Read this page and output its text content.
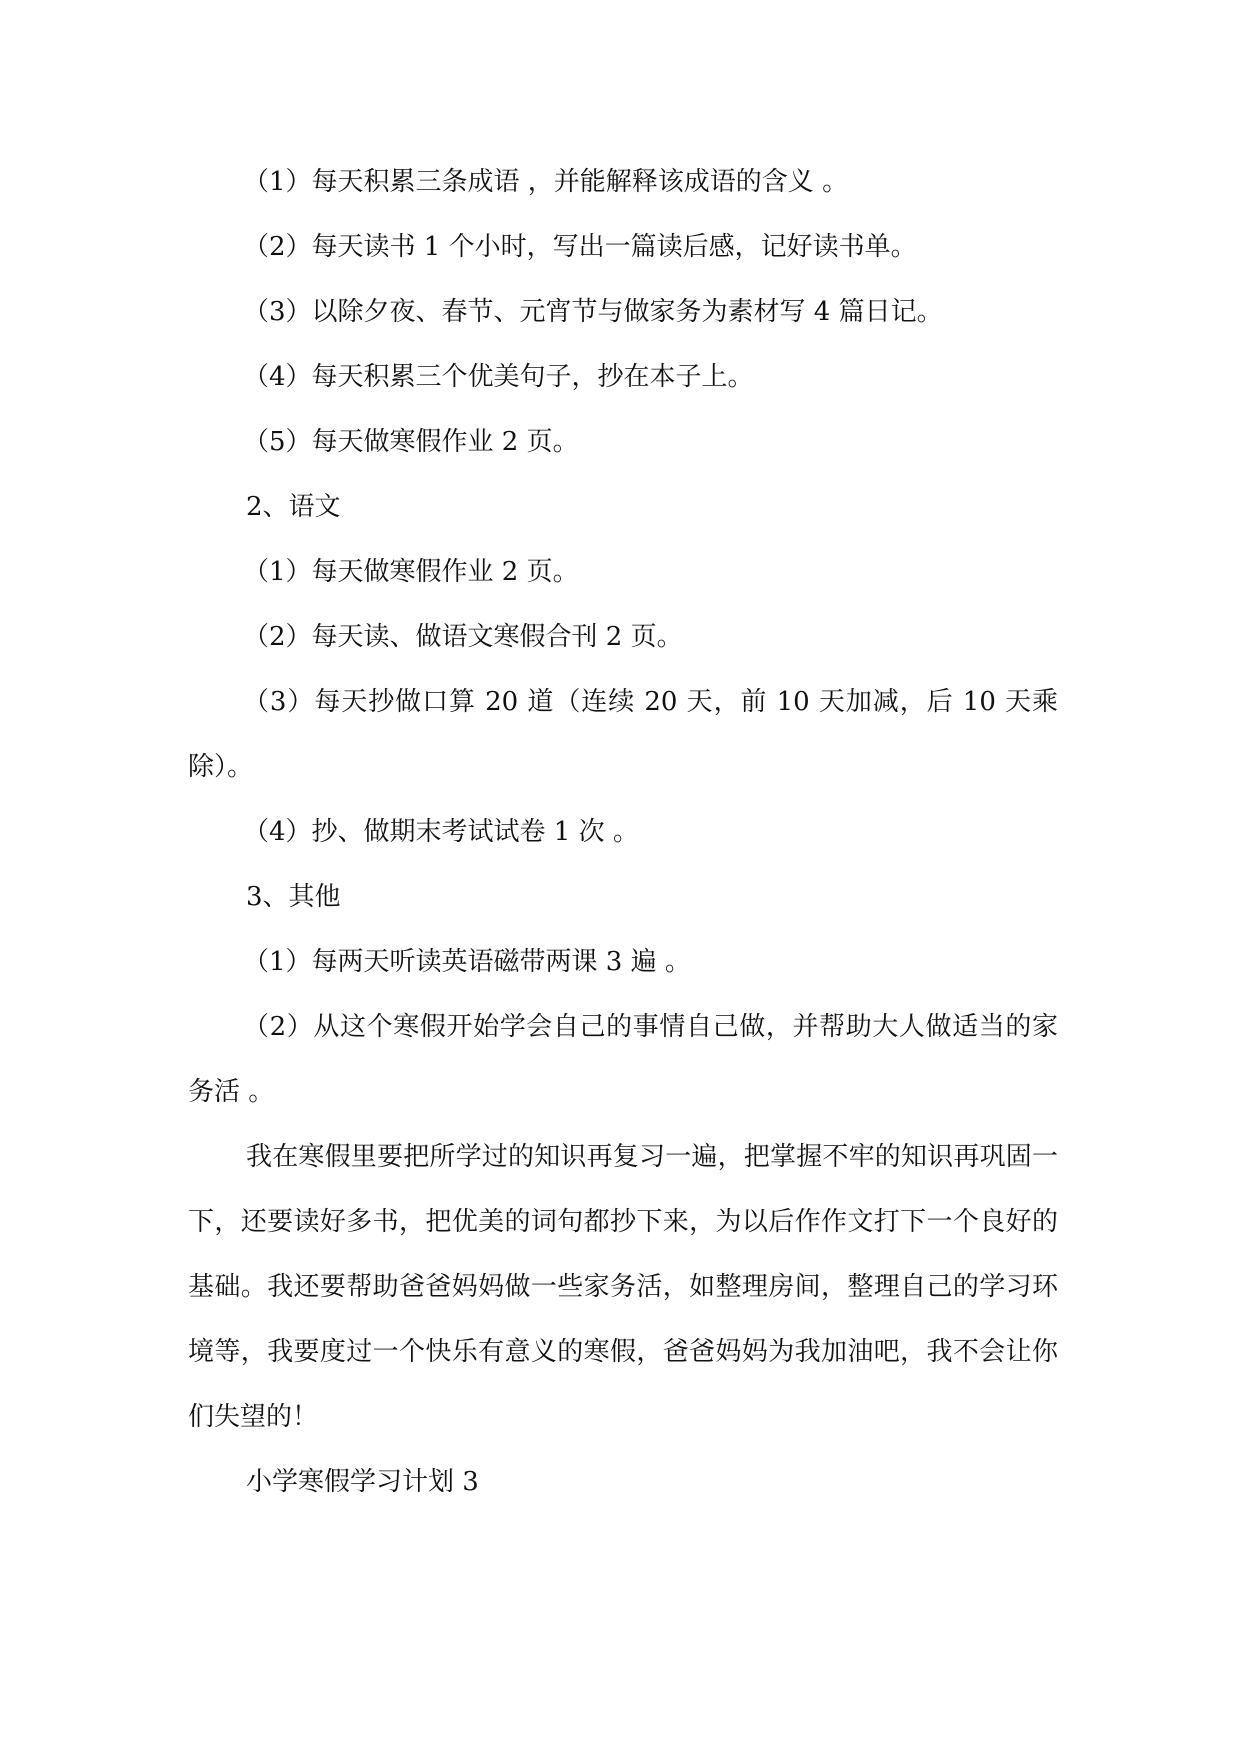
（1）每天积累三条成语 ，并能解释该成语的含义 。
（2）每天读书 1 个小时，写出一篇读后感，记好读书单。
（3）以除夕夜、春节、元宵节与做家务为素材写 4 篇日记。
（4）每天积累三个优美句子，抄在本子上。
（5）每天做寒假作业 2 页。
2、语文
（1）每天做寒假作业 2 页。
（2）每天读、做语文寒假合刊 2 页。
（3）每天抄做口算 20 道（连续 20 天，前 10 天加减，后 10 天乘除）。
（4）抄、做期末考试试卷 1 次 。
3、其他
（1）每两天听读英语磁带两课 3 遍 。
（2）从这个寒假开始学会自己的事情自己做，并帮助大人做适当的家务活 。
我在寒假里要把所学过的知识再复习一遍，把掌握不牢的知识再巩固一下，还要读好多书，把优美的词句都抄下来，为以后作作文打下一个良好的基础。我还要帮助爸爸妈妈做一些家务活，如整理房间，整理自己的学习环境等，我要度过一个快乐有意义的寒假，爸爸妈妈为我加油吧，我不会让你们失望的！
小学寒假学习计划 3
